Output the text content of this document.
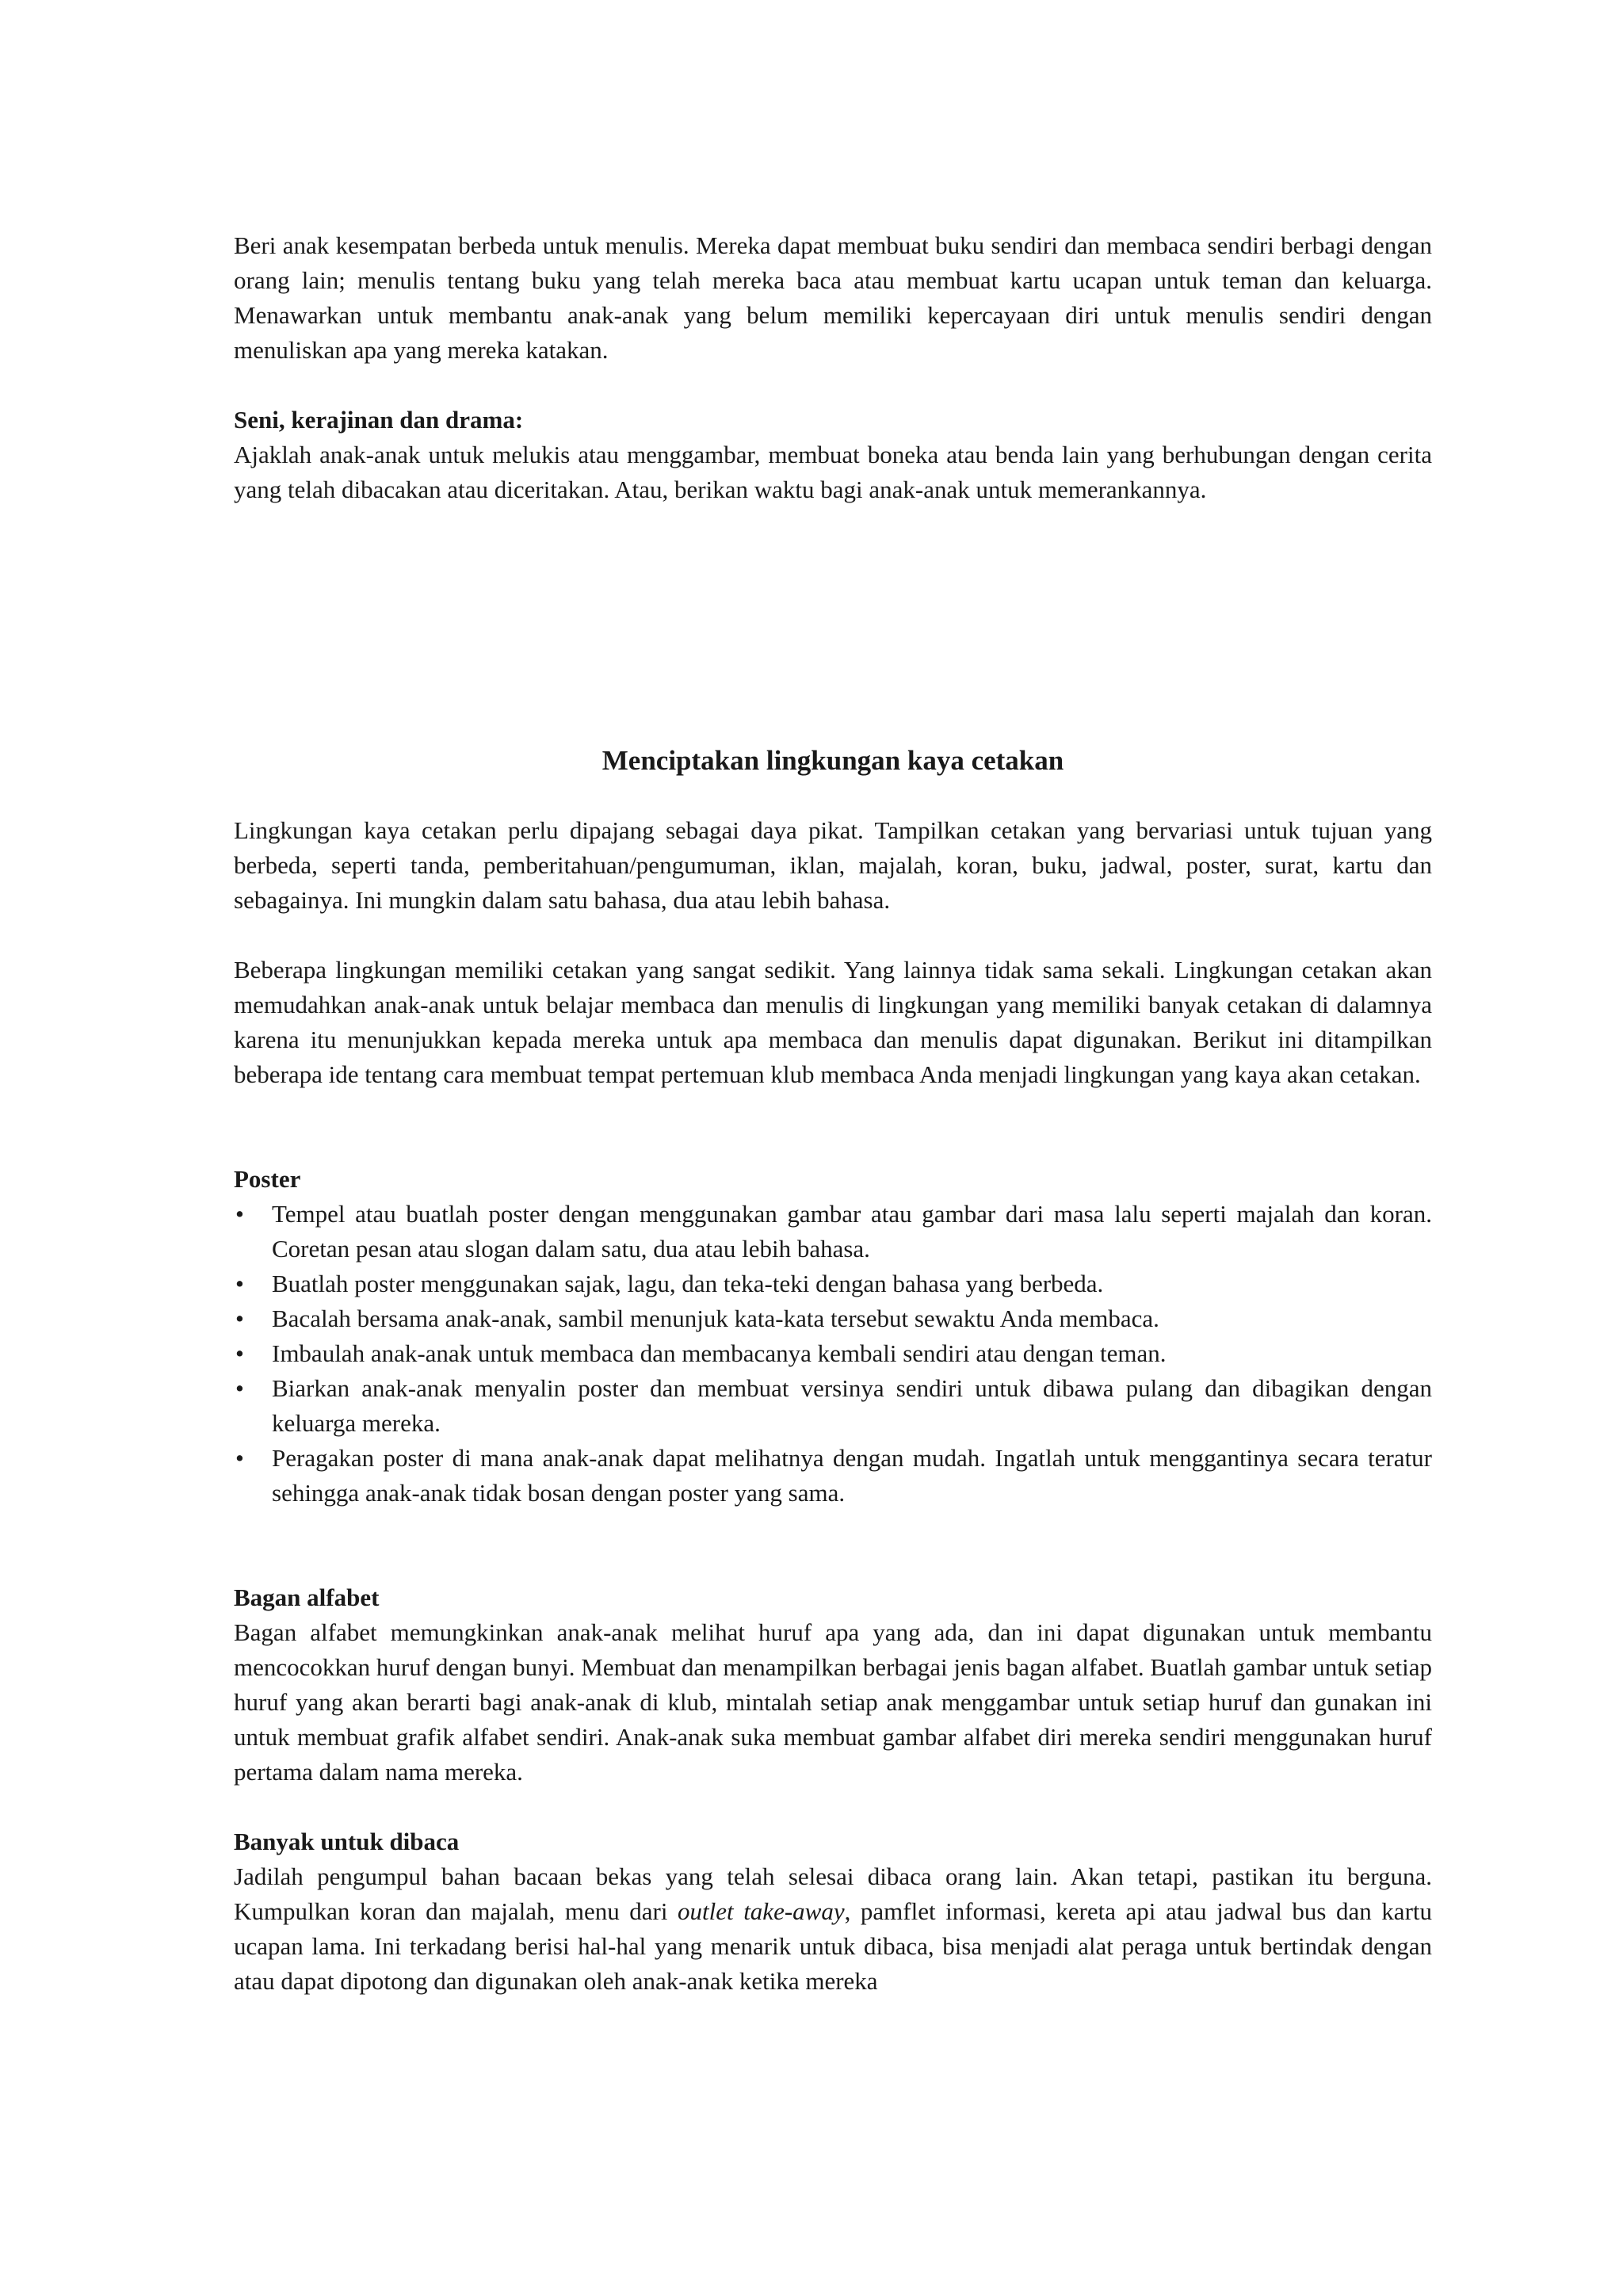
Beri anak kesempatan berbeda untuk menulis. Mereka dapat membuat buku sendiri dan membaca sendiri berbagi dengan orang lain; menulis tentang buku yang telah mereka baca atau membuat kartu ucapan untuk teman dan keluarga. Menawarkan untuk membantu anak-anak yang belum memiliki kepercayaan diri untuk menulis sendiri dengan menuliskan apa yang mereka katakan.

Seni, kerajinan dan drama:

Ajaklah anak-anak untuk melukis atau menggambar, membuat boneka atau benda lain yang berhubungan dengan cerita yang telah dibacakan atau diceritakan. Atau, berikan waktu bagi anak-anak untuk memerankannya.

Menciptakan lingkungan kaya cetakan

Lingkungan kaya cetakan perlu dipajang sebagai daya pikat. Tampilkan cetakan yang bervariasi untuk tujuan yang berbeda, seperti tanda, pemberitahuan/pengumuman, iklan, majalah, koran, buku, jadwal, poster, surat, kartu dan sebagainya. Ini mungkin dalam satu bahasa, dua atau lebih bahasa.

Beberapa lingkungan memiliki cetakan yang sangat sedikit. Yang lainnya tidak sama sekali. Lingkungan cetakan akan memudahkan anak-anak untuk belajar membaca dan menulis di lingkungan yang memiliki banyak cetakan di dalamnya karena itu menunjukkan kepada mereka untuk apa membaca dan menulis dapat digunakan. Berikut ini ditampilkan beberapa ide tentang cara membuat tempat pertemuan klub membaca Anda menjadi lingkungan yang kaya akan cetakan.

Poster

•	Tempel atau buatlah poster dengan menggunakan gambar atau gambar dari masa lalu seperti majalah dan koran. Coretan pesan atau slogan dalam satu, dua atau lebih bahasa.
•	Buatlah poster menggunakan sajak, lagu, dan teka-teki dengan bahasa yang berbeda.
•	Bacalah bersama anak-anak, sambil menunjuk kata-kata tersebut sewaktu Anda membaca.
•	Imbaulah anak-anak untuk membaca dan membacanya kembali sendiri atau dengan teman.
•	Biarkan anak-anak menyalin poster dan membuat versinya sendiri untuk dibawa pulang dan dibagikan dengan keluarga mereka.
•	Peragakan poster di mana anak-anak dapat melihatnya dengan mudah. Ingatlah untuk menggantinya secara teratur sehingga anak-anak tidak bosan dengan poster yang sama.

Bagan alfabet

Bagan alfabet memungkinkan anak-anak melihat huruf apa yang ada, dan ini dapat digunakan untuk membantu mencocokkan huruf dengan bunyi. Membuat dan menampilkan berbagai jenis bagan alfabet. Buatlah gambar untuk setiap huruf yang akan berarti bagi anak-anak di klub, mintalah setiap anak menggambar untuk setiap huruf dan gunakan ini untuk membuat grafik alfabet sendiri. Anak-anak suka membuat gambar alfabet diri mereka sendiri menggunakan huruf pertama dalam nama mereka.

Banyak untuk dibaca

Jadilah pengumpul bahan bacaan bekas yang telah selesai dibaca orang lain. Akan tetapi, pastikan itu berguna. Kumpulkan koran dan majalah, menu dari outlet take-away, pamflet informasi, kereta api atau jadwal bus dan kartu ucapan lama. Ini terkadang berisi hal-hal yang menarik untuk dibaca, bisa menjadi alat peraga untuk bertindak dengan atau dapat dipotong dan digunakan oleh anak-anak ketika mereka
